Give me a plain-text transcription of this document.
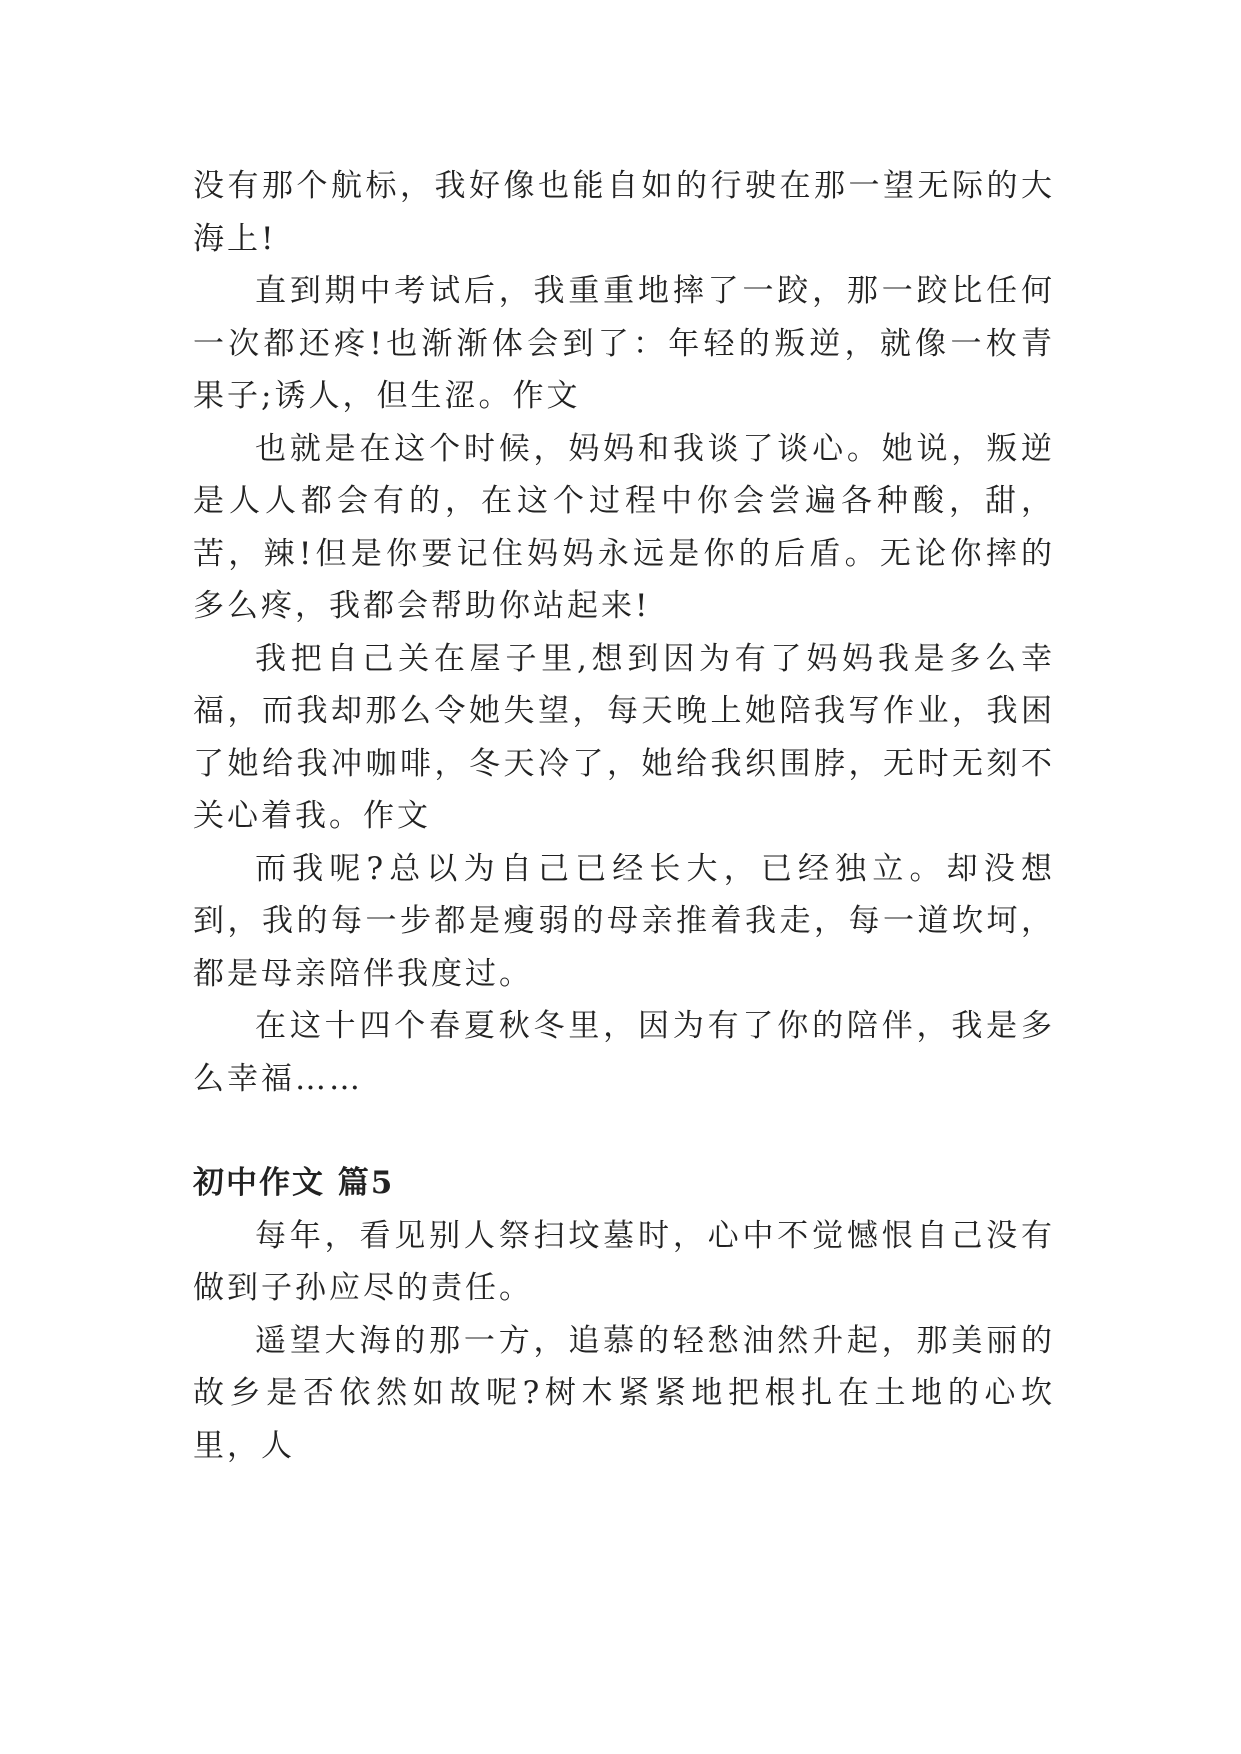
没有那个航标，我好像也能自如的行驶在那一望无际的大海上!

直到期中考试后，我重重地摔了一跤，那一跤比任何一次都还疼!也渐渐体会到了：年轻的叛逆，就像一枚青果子;诱人，但生涩。作文

也就是在这个时候，妈妈和我谈了谈心。她说，叛逆是人人都会有的，在这个过程中你会尝遍各种酸，甜，苦，辣!但是你要记住妈妈永远是你的后盾。无论你摔的多么疼，我都会帮助你站起来!

我把自己关在屋子里,想到因为有了妈妈我是多么幸福，而我却那么令她失望，每天晚上她陪我写作业，我困了她给我冲咖啡，冬天冷了，她给我织围脖，无时无刻不关心着我。作文

而我呢?总以为自己已经长大，已经独立。却没想到，我的每一步都是瘦弱的母亲推着我走，每一道坎坷，都是母亲陪伴我度过。

在这十四个春夏秋冬里，因为有了你的陪伴，我是多么幸福……

初中作文 篇5

每年，看见别人祭扫坟墓时，心中不觉憾恨自己没有做到子孙应尽的责任。

遥望大海的那一方，追慕的轻愁油然升起，那美丽的故乡是否依然如故呢?树木紧紧地把根扎在土地的心坎里，人
